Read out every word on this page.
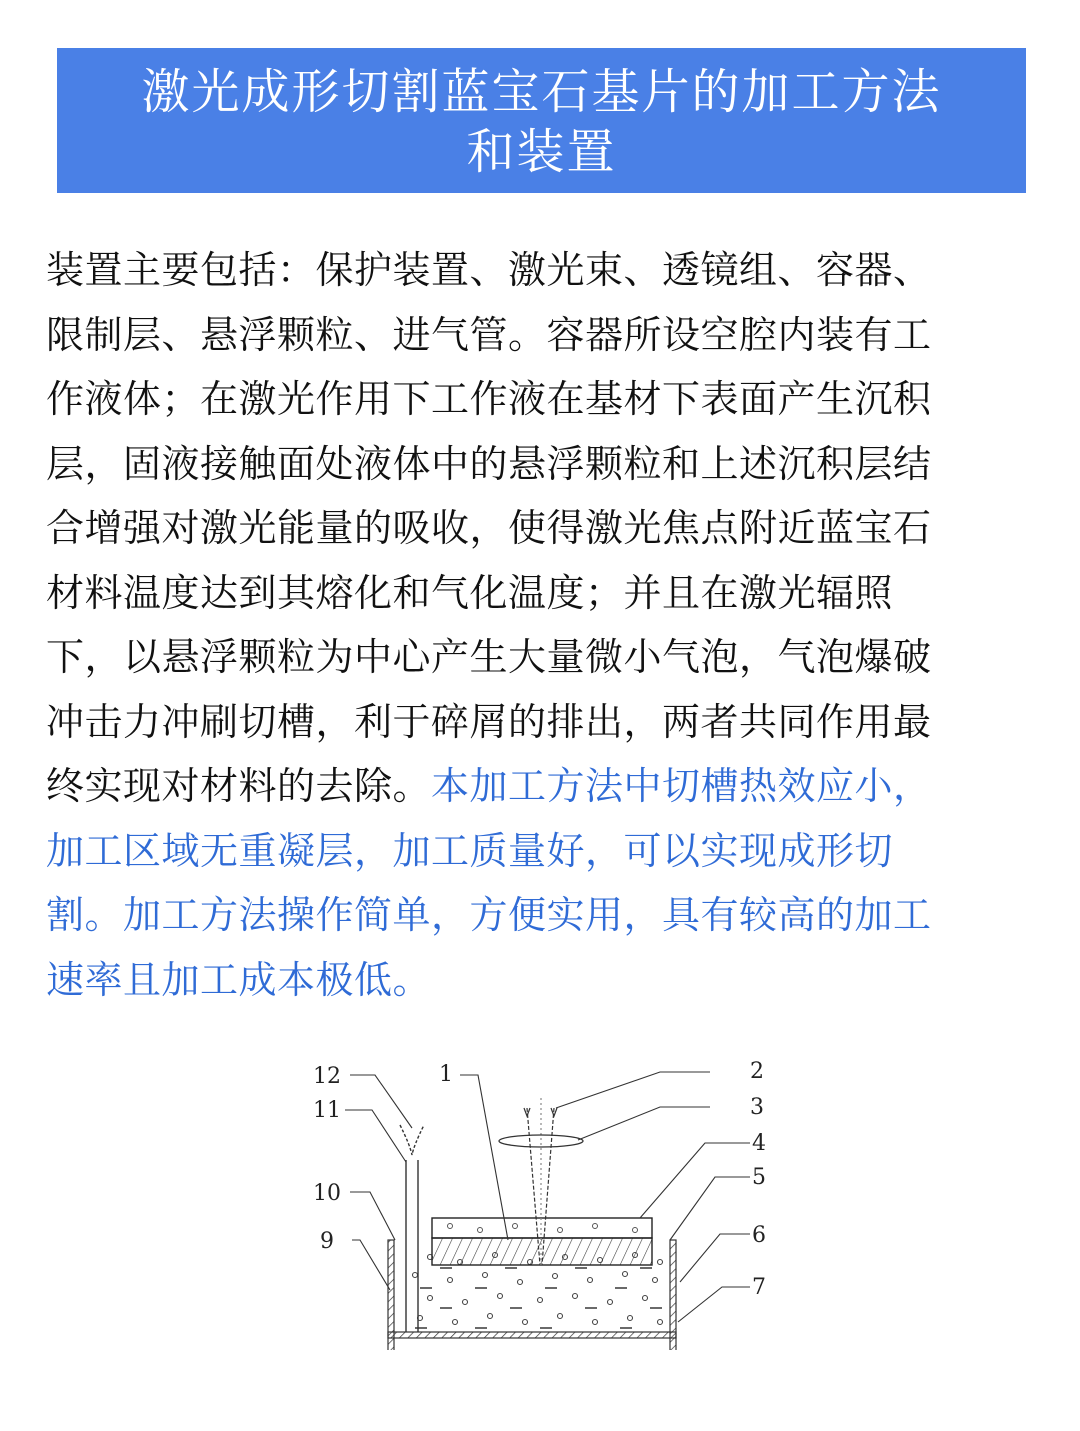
激光成形切割蓝宝石基片的加工方法
和装置
装置主要包括：保护装置、激光束、透镜组、容器、
限制层、悬浮颗粒、进气管。容器所设空腔内装有工
作液体；在激光作用下工作液在基材下表面产生沉积
层，固液接触面处液体中的悬浮颗粒和上述沉积层结
合增强对激光能量的吸收，使得激光焦点附近蓝宝石
材料温度达到其熔化和气化温度；并且在激光辐照
下，以悬浮颗粒为中心产生大量微小气泡，气泡爆破
冲击力冲刷切槽，利于碎屑的排出，两者共同作用最
终实现对材料的去除。本加工方法中切槽热效应小，
加工区域无重凝层，加工质量好，可以实现成形切
割。加工方法操作简单，方便实用，具有较高的加工
速率且加工成本极低。
12
11
1	2
3
4
5
6
7
10
9
